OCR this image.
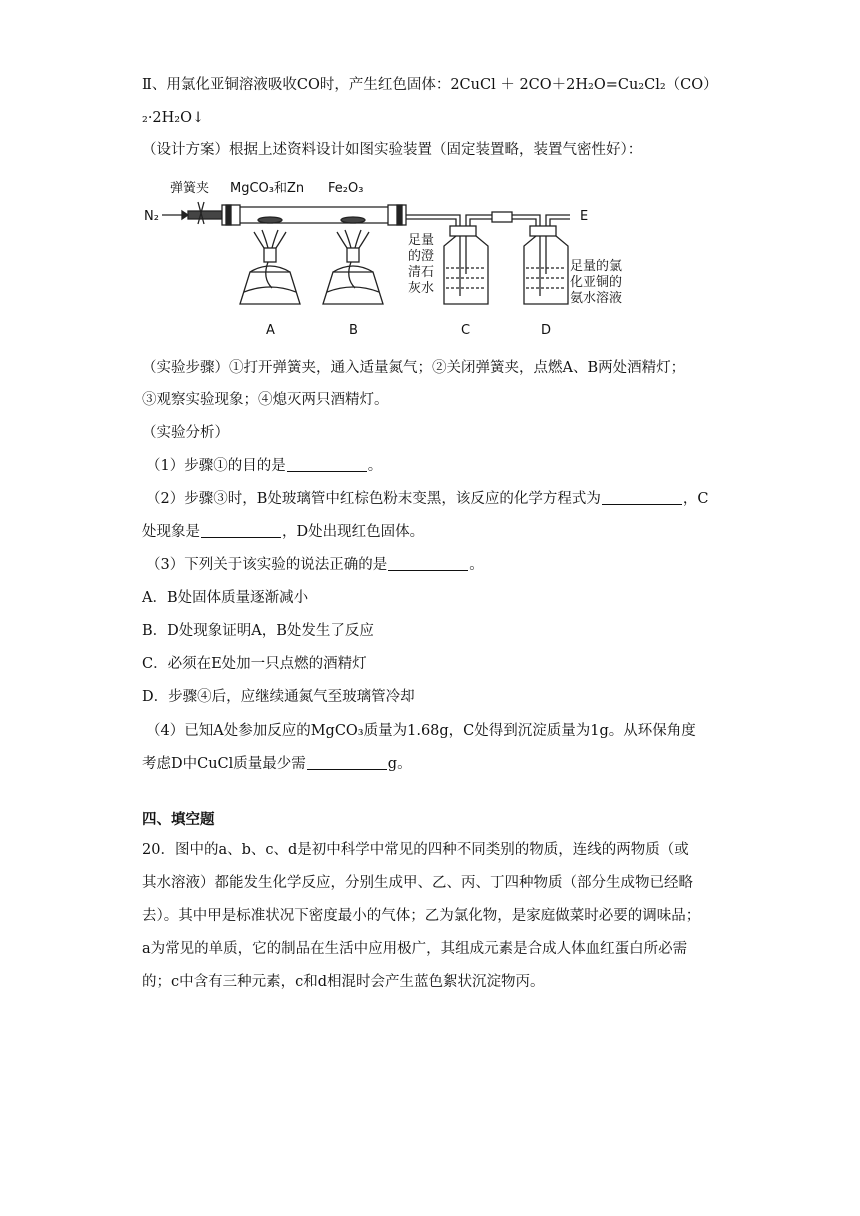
Ⅱ、用氯化亚铜溶液吸收CO时，产生红色固体：2CuCl ＋ 2CO＋2H₂O=Cu₂Cl₂（CO）
₂·2H₂O↓
（设计方案）根据上述资料设计如图实验装置（固定装置略，装置气密性好）：
弹簧夹 MgCO₃和Zn Fe₂O₃
N₂	E
足量
的澄
清石
灰水
足量的氯
化亚铜的
氨水溶液
A	B	C	D
（实验步骤）①打开弹簧夹，通入适量氮气；②关闭弹簧夹，点燃A、B两处酒精灯；
③观察实验现象；④熄灭两只酒精灯。
（实验分析）
（1）步骤①的目的是	。
（2）步骤③时，B处玻璃管中红棕色粉末变黑，该反应的化学方程式为	，C
处现象是	，D处出现红色固体。
（3）下列关于该实验的说法正确的是	。
A．B处固体质量逐渐减小
B．D处现象证明A，B处发生了反应
C．必须在E处加一只点燃的酒精灯
D．步骤④后，应继续通氮气至玻璃管冷却
（4）已知A处参加反应的MgCO₃质量为1.68g，C处得到沉淀质量为1g。从环保角度
考虑D中CuCl质量最少需	g。
四、填空题
20．图中的a、b、c、d是初中科学中常见的四种不同类别的物质，连线的两物质（或
其水溶液）都能发生化学反应，分别生成甲、乙、丙、丁四种物质（部分生成物已经略
去）。其中甲是标准状况下密度最小的气体；乙为氯化物，是家庭做菜时必要的调味品；
a为常见的单质，它的制品在生活中应用极广，其组成元素是合成人体血红蛋白所必需
的；c中含有三种元素，c和d相混时会产生蓝色絮状沉淀物丙。
